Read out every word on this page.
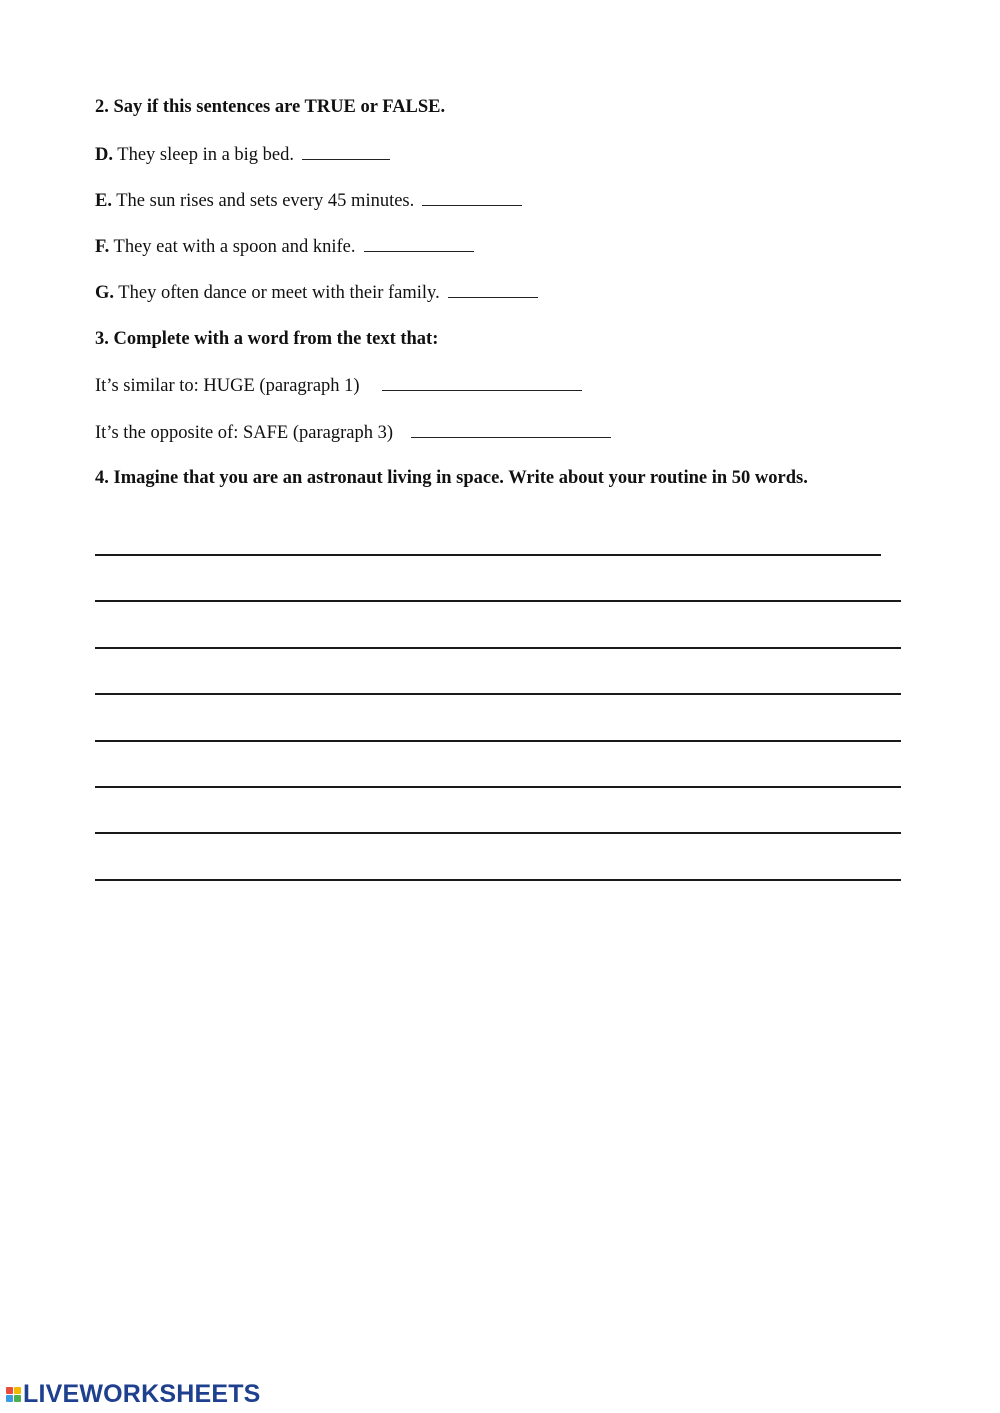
2. Say if this sentences are TRUE or FALSE.
D. They sleep in a big bed.
E. The sun rises and sets every 45 minutes.
F. They eat with a spoon and knife.
G. They often dance or meet with their family.
3. Complete with a word from the text that:
It’s similar to: HUGE (paragraph 1)
It’s the opposite of: SAFE (paragraph 3)
4. Imagine that you are an astronaut living in space. Write about your routine in 50 words.
LIVEWORKSHEETS
